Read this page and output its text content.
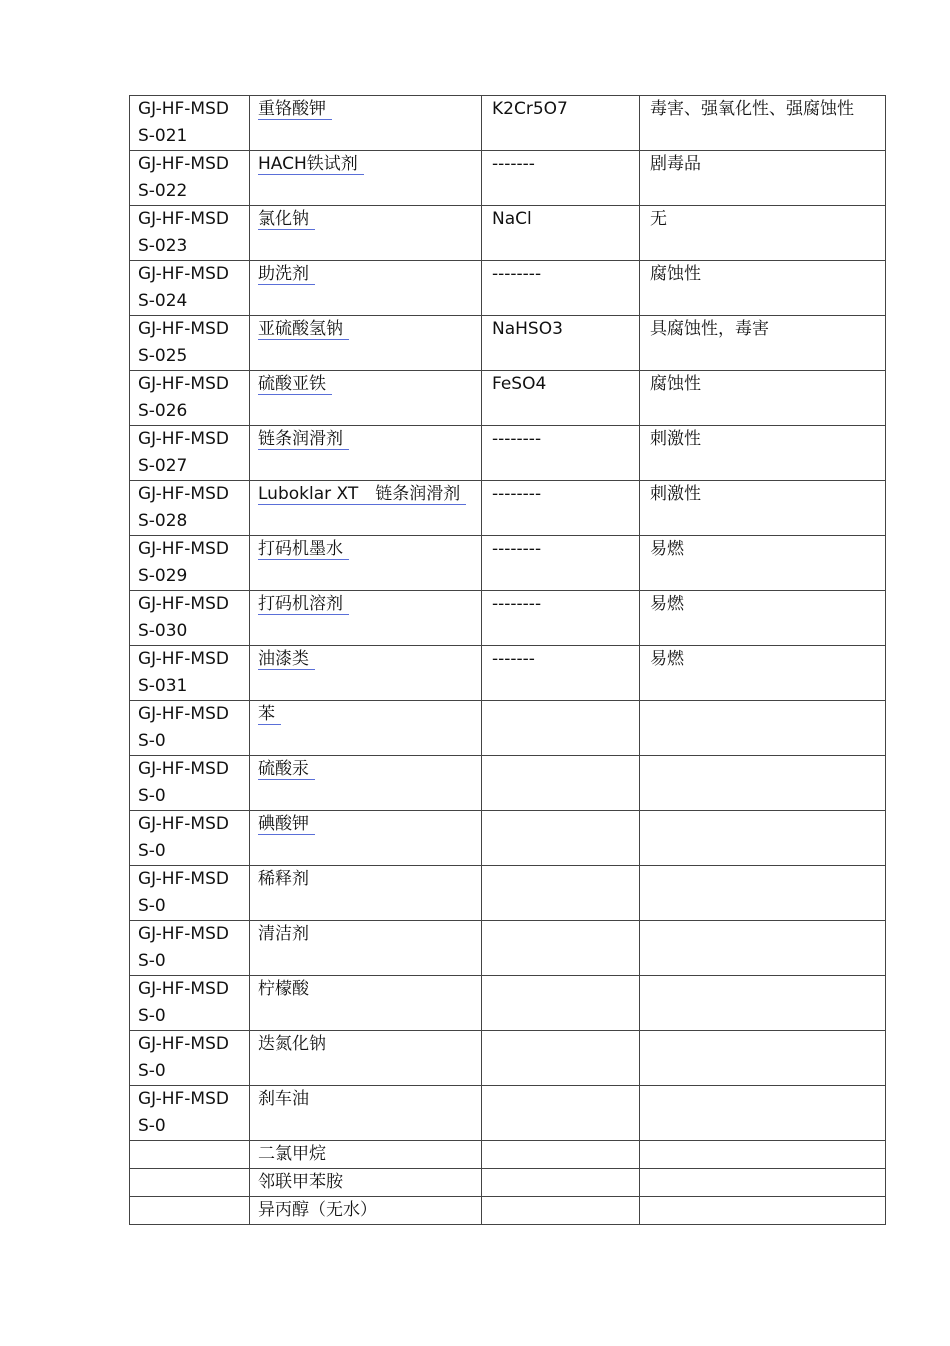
GJ-HF-MSD
S-021	重铬酸钾	K2Cr5O7	毒害、强氧化性、强腐蚀性

GJ-HF-MSD
S-022	HACH铁试剂	-------	剧毒品

GJ-HF-MSD
S-023	氯化钠	NaCl	无

GJ-HF-MSD
S-024	助洗剂	--------	腐蚀性

GJ-HF-MSD
S-025	亚硫酸氢钠	NaHSO3	具腐蚀性，毒害

GJ-HF-MSD
S-026	硫酸亚铁	FeSO4	腐蚀性

GJ-HF-MSD
S-027	链条润滑剂	--------	刺激性

GJ-HF-MSD
S-028	Luboklar XT　链条润滑剂	--------	刺激性

GJ-HF-MSD
S-029	打码机墨水	--------	易燃

GJ-HF-MSD
S-030	打码机溶剂	--------	易燃

GJ-HF-MSD
S-031	油漆类	-------	易燃

GJ-HF-MSD
S-0	苯		

GJ-HF-MSD
S-0	硫酸汞		

GJ-HF-MSD
S-0	碘酸钾		

GJ-HF-MSD
S-0	稀释剂		

GJ-HF-MSD
S-0	清洁剂		

GJ-HF-MSD
S-0	柠檬酸		

GJ-HF-MSD
S-0	迭氮化钠		

GJ-HF-MSD
S-0	刹车油		

	二氯甲烷		

	邻联甲苯胺		

	异丙醇（无水）		
